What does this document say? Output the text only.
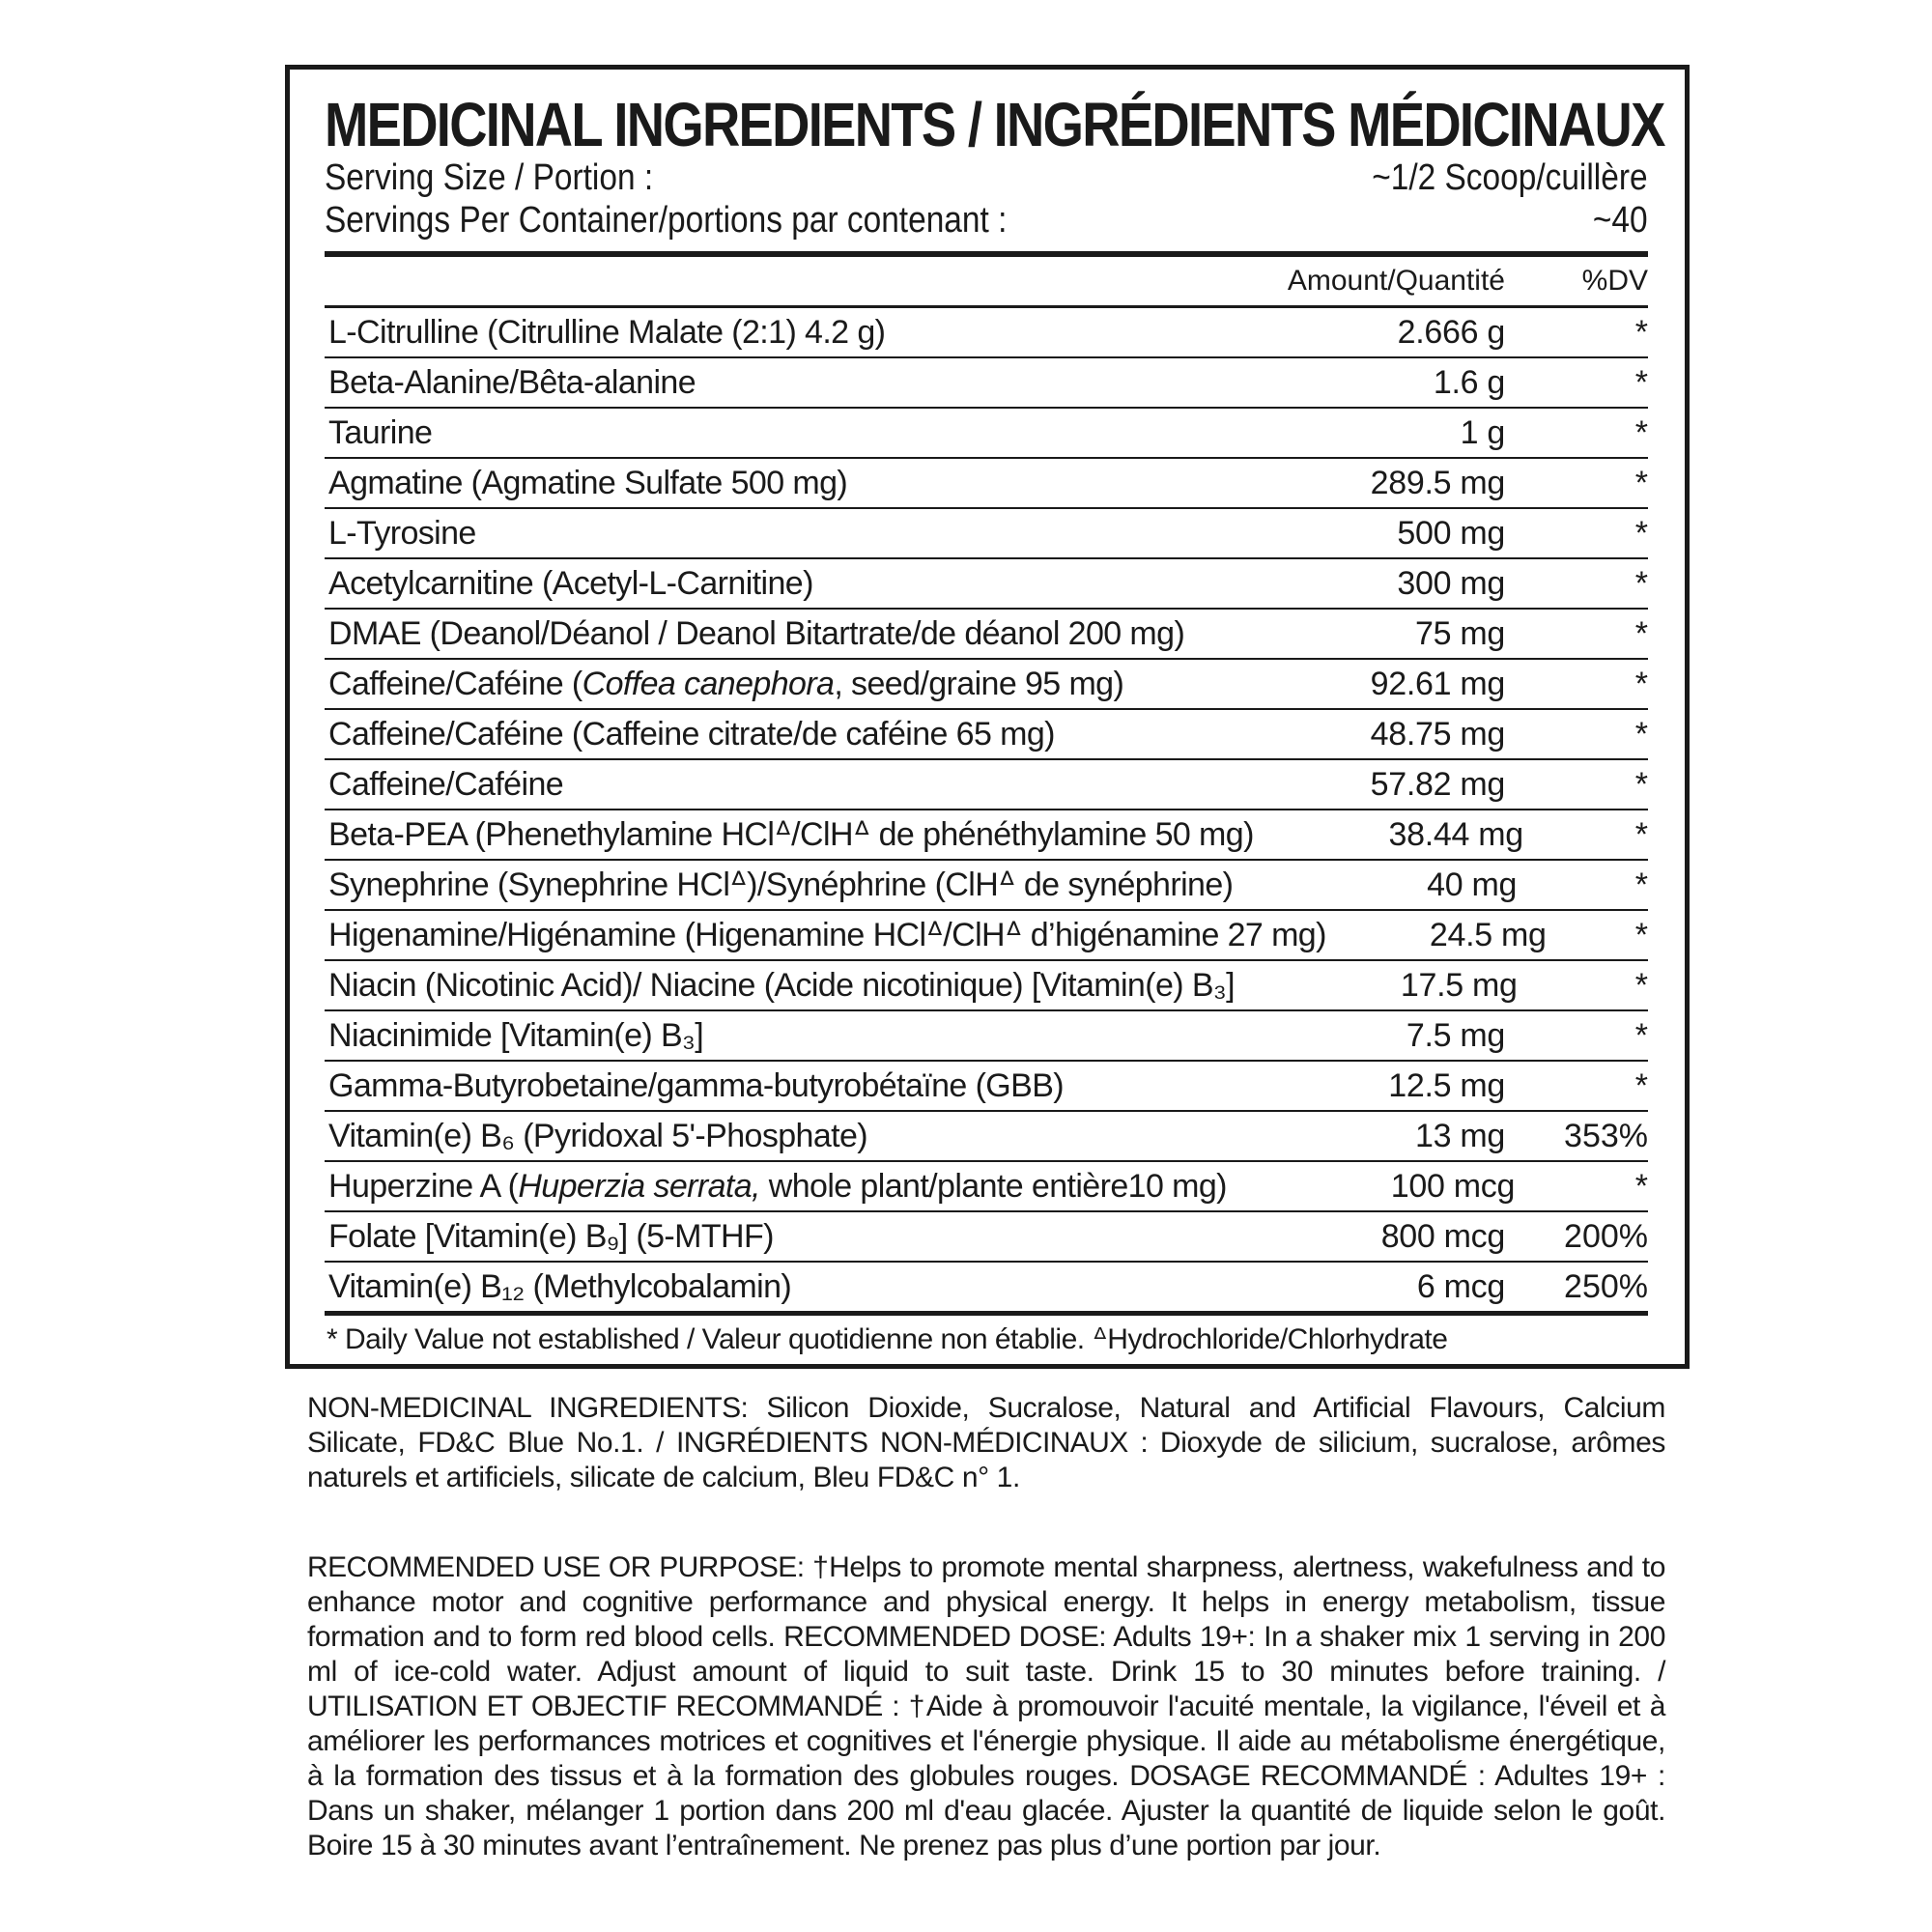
MEDICINAL INGREDIENTS / INGRÉDIENTS MÉDICINAUX
Serving Size / Portion :	~1/2 Scoop/cuillère
Servings Per Container/portions par contenant :	~40
Amount/Quantité	%DV
L-Citrulline (Citrulline Malate (2:1) 4.2 g)	2.666 g	*
Beta-Alanine/Bêta-alanine	1.6 g	*
Taurine	1 g	*
Agmatine (Agmatine Sulfate 500 mg)	289.5 mg	*
L-Tyrosine	500 mg	*
Acetylcarnitine (Acetyl-L-Carnitine)	300 mg	*
DMAE (Deanol/Déanol / Deanol Bitartrate/de déanol 200 mg)	75 mg	*
Caffeine/Caféine (Coffea canephora, seed/graine 95 mg)	92.61 mg	*
Caffeine/Caféine (Caffeine citrate/de caféine 65 mg)	48.75 mg	*
Caffeine/Caféine	57.82 mg	*
Beta-PEA (Phenethylamine HClᐞ/ClHᐞ de phénéthylamine 50 mg)	38.44 mg	*
Synephrine (Synephrine HClᐞ)/Synéphrine (ClHᐞ de synéphrine)	40 mg	*
Higenamine/Higénamine (Higenamine HClᐞ/ClHᐞ d’higénamine 27 mg)	24.5 mg	*
Niacin (Nicotinic Acid)/ Niacine (Acide nicotinique) [Vitamin(e) B₃]	17.5 mg	*
Niacinimide [Vitamin(e) B₃]	7.5 mg	*
Gamma-Butyrobetaine/gamma-butyrobétaïne (GBB)	12.5 mg	*
Vitamin(e) B₆ (Pyridoxal 5'-Phosphate)	13 mg	353%
Huperzine A (Huperzia serrata, whole plant/plante entière10 mg)	100 mcg	*
Folate [Vitamin(e) B₉] (5-MTHF)	800 mcg	200%
Vitamin(e) B₁₂ (Methylcobalamin)	6 mcg	250%
* Daily Value not established / Valeur quotidienne non établie. ᐞHydrochloride/Chlorhydrate
NON-MEDICINAL INGREDIENTS: Silicon Dioxide, Sucralose, Natural and Artificial Flavours, Calcium Silicate, FD&C Blue No.1. / INGRÉDIENTS NON-MÉDICINAUX : Dioxyde de silicium, sucralose, arômes naturels et artificiels, silicate de calcium, Bleu FD&C n° 1.
RECOMMENDED USE OR PURPOSE: †Helps to promote mental sharpness, alertness, wakefulness and to enhance motor and cognitive performance and physical energy. It helps in energy metabolism, tissue formation and to form red blood cells. RECOMMENDED DOSE: Adults 19+: In a shaker mix 1 serving in 200 ml of ice-cold water. Adjust amount of liquid to suit taste. Drink 15 to 30 minutes before training. / UTILISATION ET OBJECTIF RECOMMANDÉ : †Aide à promouvoir l'acuité mentale, la vigilance, l'éveil et à améliorer les performances motrices et cognitives et l'énergie physique. Il aide au métabolisme énergétique, à la formation des tissus et à la formation des globules rouges. DOSAGE RECOMMANDÉ : Adultes 19+ : Dans un shaker, mélanger 1 portion dans 200 ml d'eau glacée. Ajuster la quantité de liquide selon le goût. Boire 15 à 30 minutes avant l’entraînement. Ne prenez pas plus d’une portion par jour.
